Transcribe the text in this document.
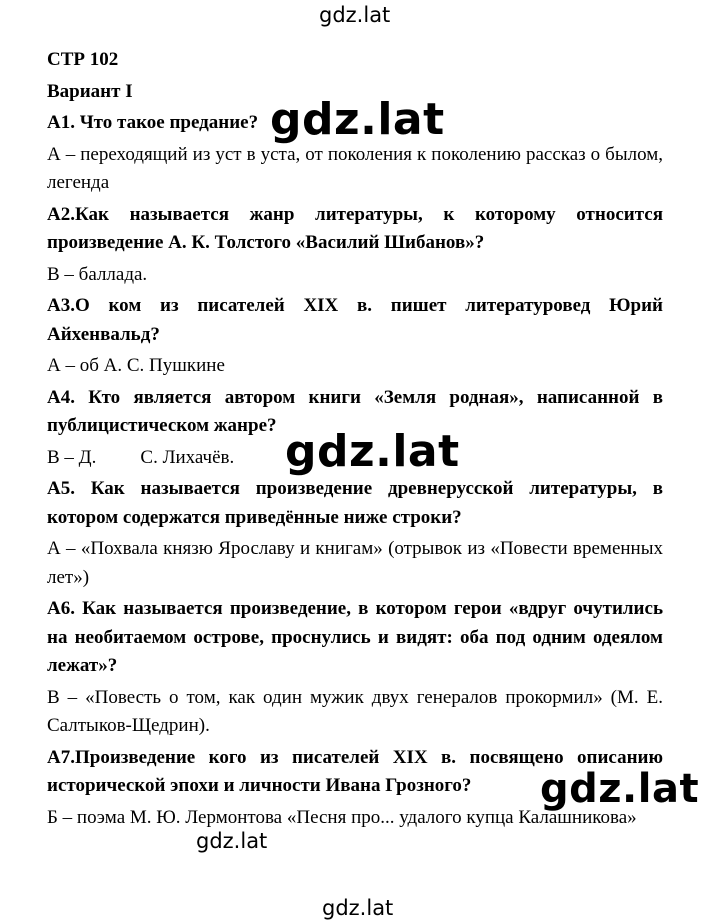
СТР 102

Вариант I

А1. Что такое предание?

А – переходящий из уст в уста, от поколения к поколению рассказ о былом, легенда

А2.Как называется жанр литературы, к которому относится произведение А. К. Толстого «Василий Шибанов»?

В – баллада.

А3.О ком из писателей XIX в. пишет литературовед Юрий Айхенвальд?

А – об А. С. Пушкине

А4. Кто является автором книги «Земля родная», написанной в публицистическом жанре?

В – Д. С. Лихачёв.

А5. Как называется произведение древнерусской литературы, в котором содержатся приведённые ниже строки?

А – «Похвала князю Ярославу и книгам» (отрывок из «Повести временных лет»)

А6. Как называется произведение, в котором герои «вдруг очутились на необитаемом острове, проснулись и видят: оба под одним одеялом лежат»?

В – «Повесть о том, как один мужик двух генералов прокормил» (М. Е. Салтыков-Щедрин).

А7.Произведение кого из писателей XIX в. посвящено описанию исторической эпохи и личности Ивана Грозного?

Б – поэма М. Ю. Лермонтова «Песня про... удалого купца Калашникова»

gdz.lat
gdz.lat
gdz.lat
gdz.lat
gdz.lat
gdz.lat
